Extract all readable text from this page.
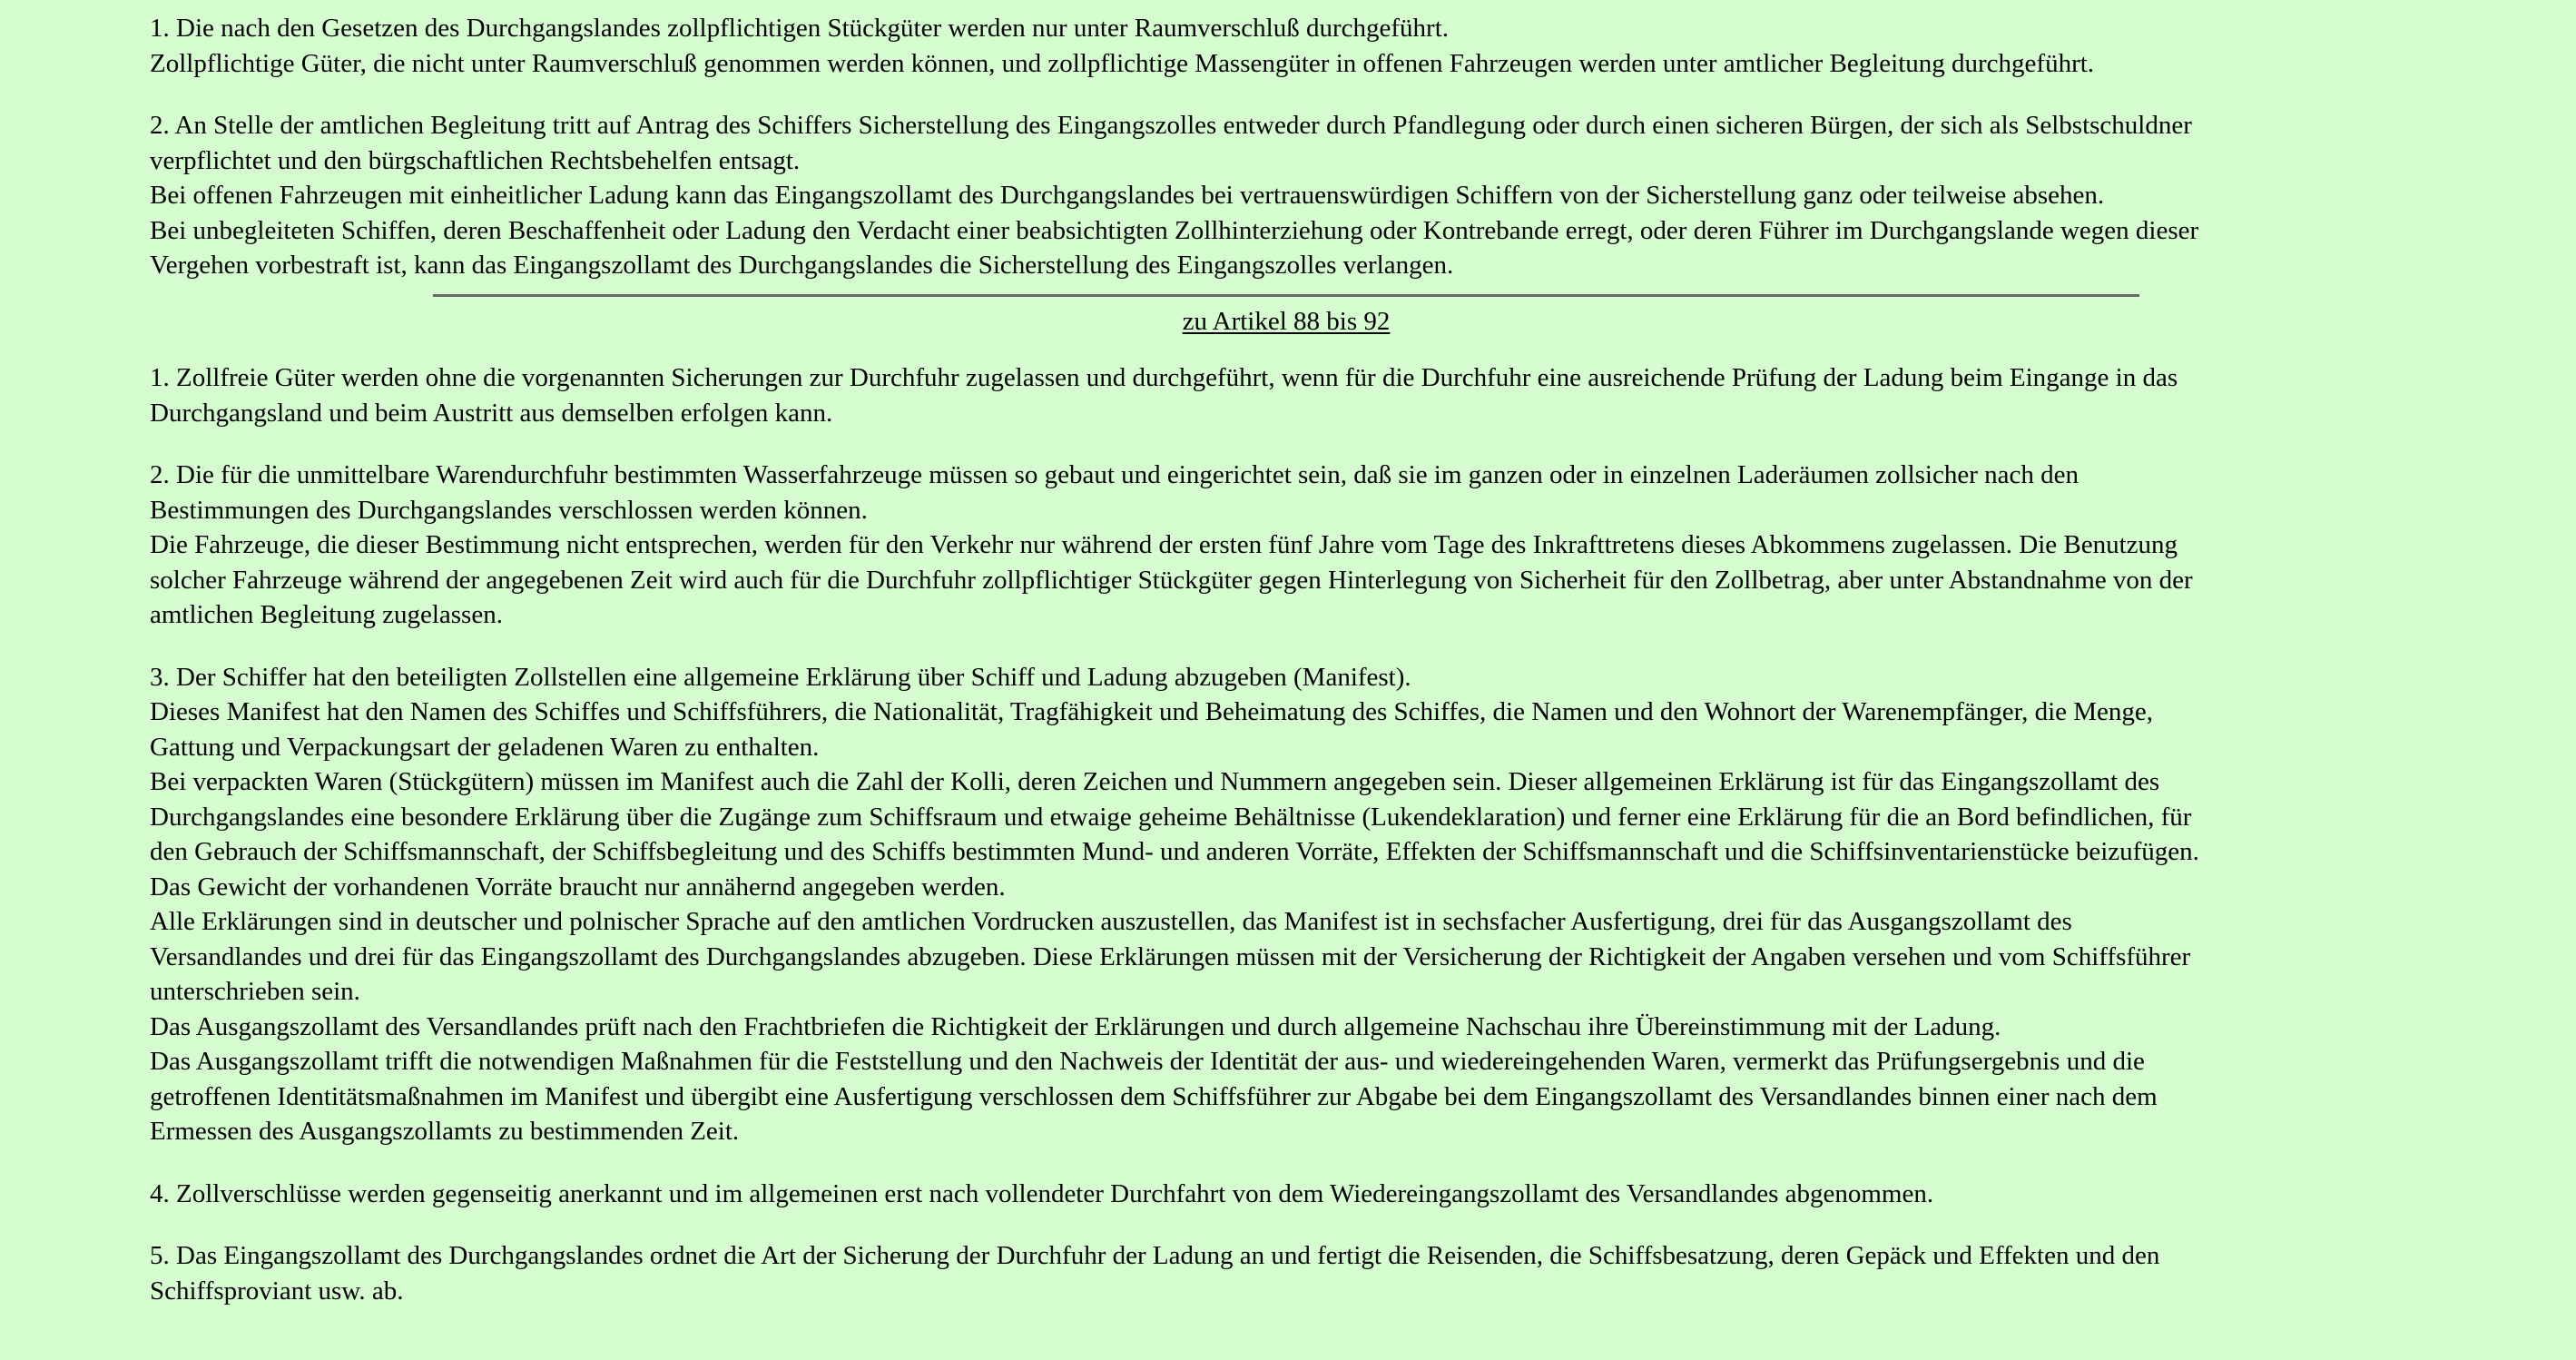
1. Die nach den Gesetzen des Durchgangslandes zollpflichtigen Stückgüter werden nur unter Raumverschluß durchgeführt.
Zollpflichtige Güter, die nicht unter Raumverschluß genommen werden können, und zollpflichtige Massengüter in offenen Fahrzeugen werden unter amtlicher Begleitung durchgeführt.
2. An Stelle der amtlichen Begleitung tritt auf Antrag des Schiffers Sicherstellung des Eingangszolles entweder durch Pfandlegung oder durch einen sicheren Bürgen, der sich als Selbstschuldner
verpflichtet und den bürgschaftlichen Rechtsbehelfen entsagt.
Bei offenen Fahrzeugen mit einheitlicher Ladung kann das Eingangszollamt des Durchgangslandes bei vertrauenswürdigen Schiffern von der Sicherstellung ganz oder teilweise absehen.
Bei unbegleiteten Schiffen, deren Beschaffenheit oder Ladung den Verdacht einer beabsichtigten Zollhinterziehung oder Kontrebande erregt, oder deren Führer im Durchgangslande wegen dieser
Vergehen vorbestraft ist, kann das Eingangszollamt des Durchgangslandes die Sicherstellung des Eingangszolles verlangen.
zu Artikel 88 bis 92
1. Zollfreie Güter werden ohne die vorgenannten Sicherungen zur Durchfuhr zugelassen und durchgeführt, wenn für die Durchfuhr eine ausreichende Prüfung der Ladung beim Eingange in das
Durchgangsland und beim Austritt aus demselben erfolgen kann.
2. Die für die unmittelbare Warendurchfuhr bestimmten Wasserfahrzeuge müssen so gebaut und eingerichtet sein, daß sie im ganzen oder in einzelnen Laderäumen zollsicher nach den
Bestimmungen des Durchgangslandes verschlossen werden können.
Die Fahrzeuge, die dieser Bestimmung nicht entsprechen, werden für den Verkehr nur während der ersten fünf Jahre vom Tage des Inkrafttretens dieses Abkommens zugelassen. Die Benutzung
solcher Fahrzeuge während der angegebenen Zeit wird auch für die Durchfuhr zollpflichtiger Stückgüter gegen Hinterlegung von Sicherheit für den Zollbetrag, aber unter Abstandnahme von der
amtlichen Begleitung zugelassen.
3. Der Schiffer hat den beteiligten Zollstellen eine allgemeine Erklärung über Schiff und Ladung abzugeben (Manifest).
Dieses Manifest hat den Namen des Schiffes und Schiffsführers, die Nationalität, Tragfähigkeit und Beheimatung des Schiffes, die Namen und den Wohnort der Warenempfänger, die Menge,
Gattung und Verpackungsart der geladenen Waren zu enthalten.
Bei verpackten Waren (Stückgütern) müssen im Manifest auch die Zahl der Kolli, deren Zeichen und Nummern angegeben sein. Dieser allgemeinen Erklärung ist für das Eingangszollamt des
Durchgangslandes eine besondere Erklärung über die Zugänge zum Schiffsraum und etwaige geheime Behältnisse (Lukendeklaration) und ferner eine Erklärung für die an Bord befindlichen, für
den Gebrauch der Schiffsmannschaft, der Schiffsbegleitung und des Schiffs bestimmten Mund- und anderen Vorräte, Effekten der Schiffsmannschaft und die Schiffsinventarienstücke beizufügen.
Das Gewicht der vorhandenen Vorräte braucht nur annähernd angegeben werden.
Alle Erklärungen sind in deutscher und polnischer Sprache auf den amtlichen Vordrucken auszustellen, das Manifest ist in sechsfacher Ausfertigung, drei für das Ausgangszollamt des
Versandlandes und drei für das Eingangszollamt des Durchgangslandes abzugeben. Diese Erklärungen müssen mit der Versicherung der Richtigkeit der Angaben versehen und vom Schiffsführer
unterschrieben sein.
Das Ausgangszollamt des Versandlandes prüft nach den Frachtbriefen die Richtigkeit der Erklärungen und durch allgemeine Nachschau ihre Übereinstimmung mit der Ladung.
Das Ausgangszollamt trifft die notwendigen Maßnahmen für die Feststellung und den Nachweis der Identität der aus- und wiedereingehenden Waren, vermerkt das Prüfungsergebnis und die
getroffenen Identitätsmaßnahmen im Manifest und übergibt eine Ausfertigung verschlossen dem Schiffsführer zur Abgabe bei dem Eingangszollamt des Versandlandes binnen einer nach dem
Ermessen des Ausgangszollamts zu bestimmenden Zeit.
4. Zollverschlüsse werden gegenseitig anerkannt und im allgemeinen erst nach vollendeter Durchfahrt von dem Wiedereingangszollamt des Versandlandes abgenommen.
5. Das Eingangszollamt des Durchgangslandes ordnet die Art der Sicherung der Durchfuhr der Ladung an und fertigt die Reisenden, die Schiffsbesatzung, deren Gepäck und Effekten und den
Schiffsproviant usw. ab.
